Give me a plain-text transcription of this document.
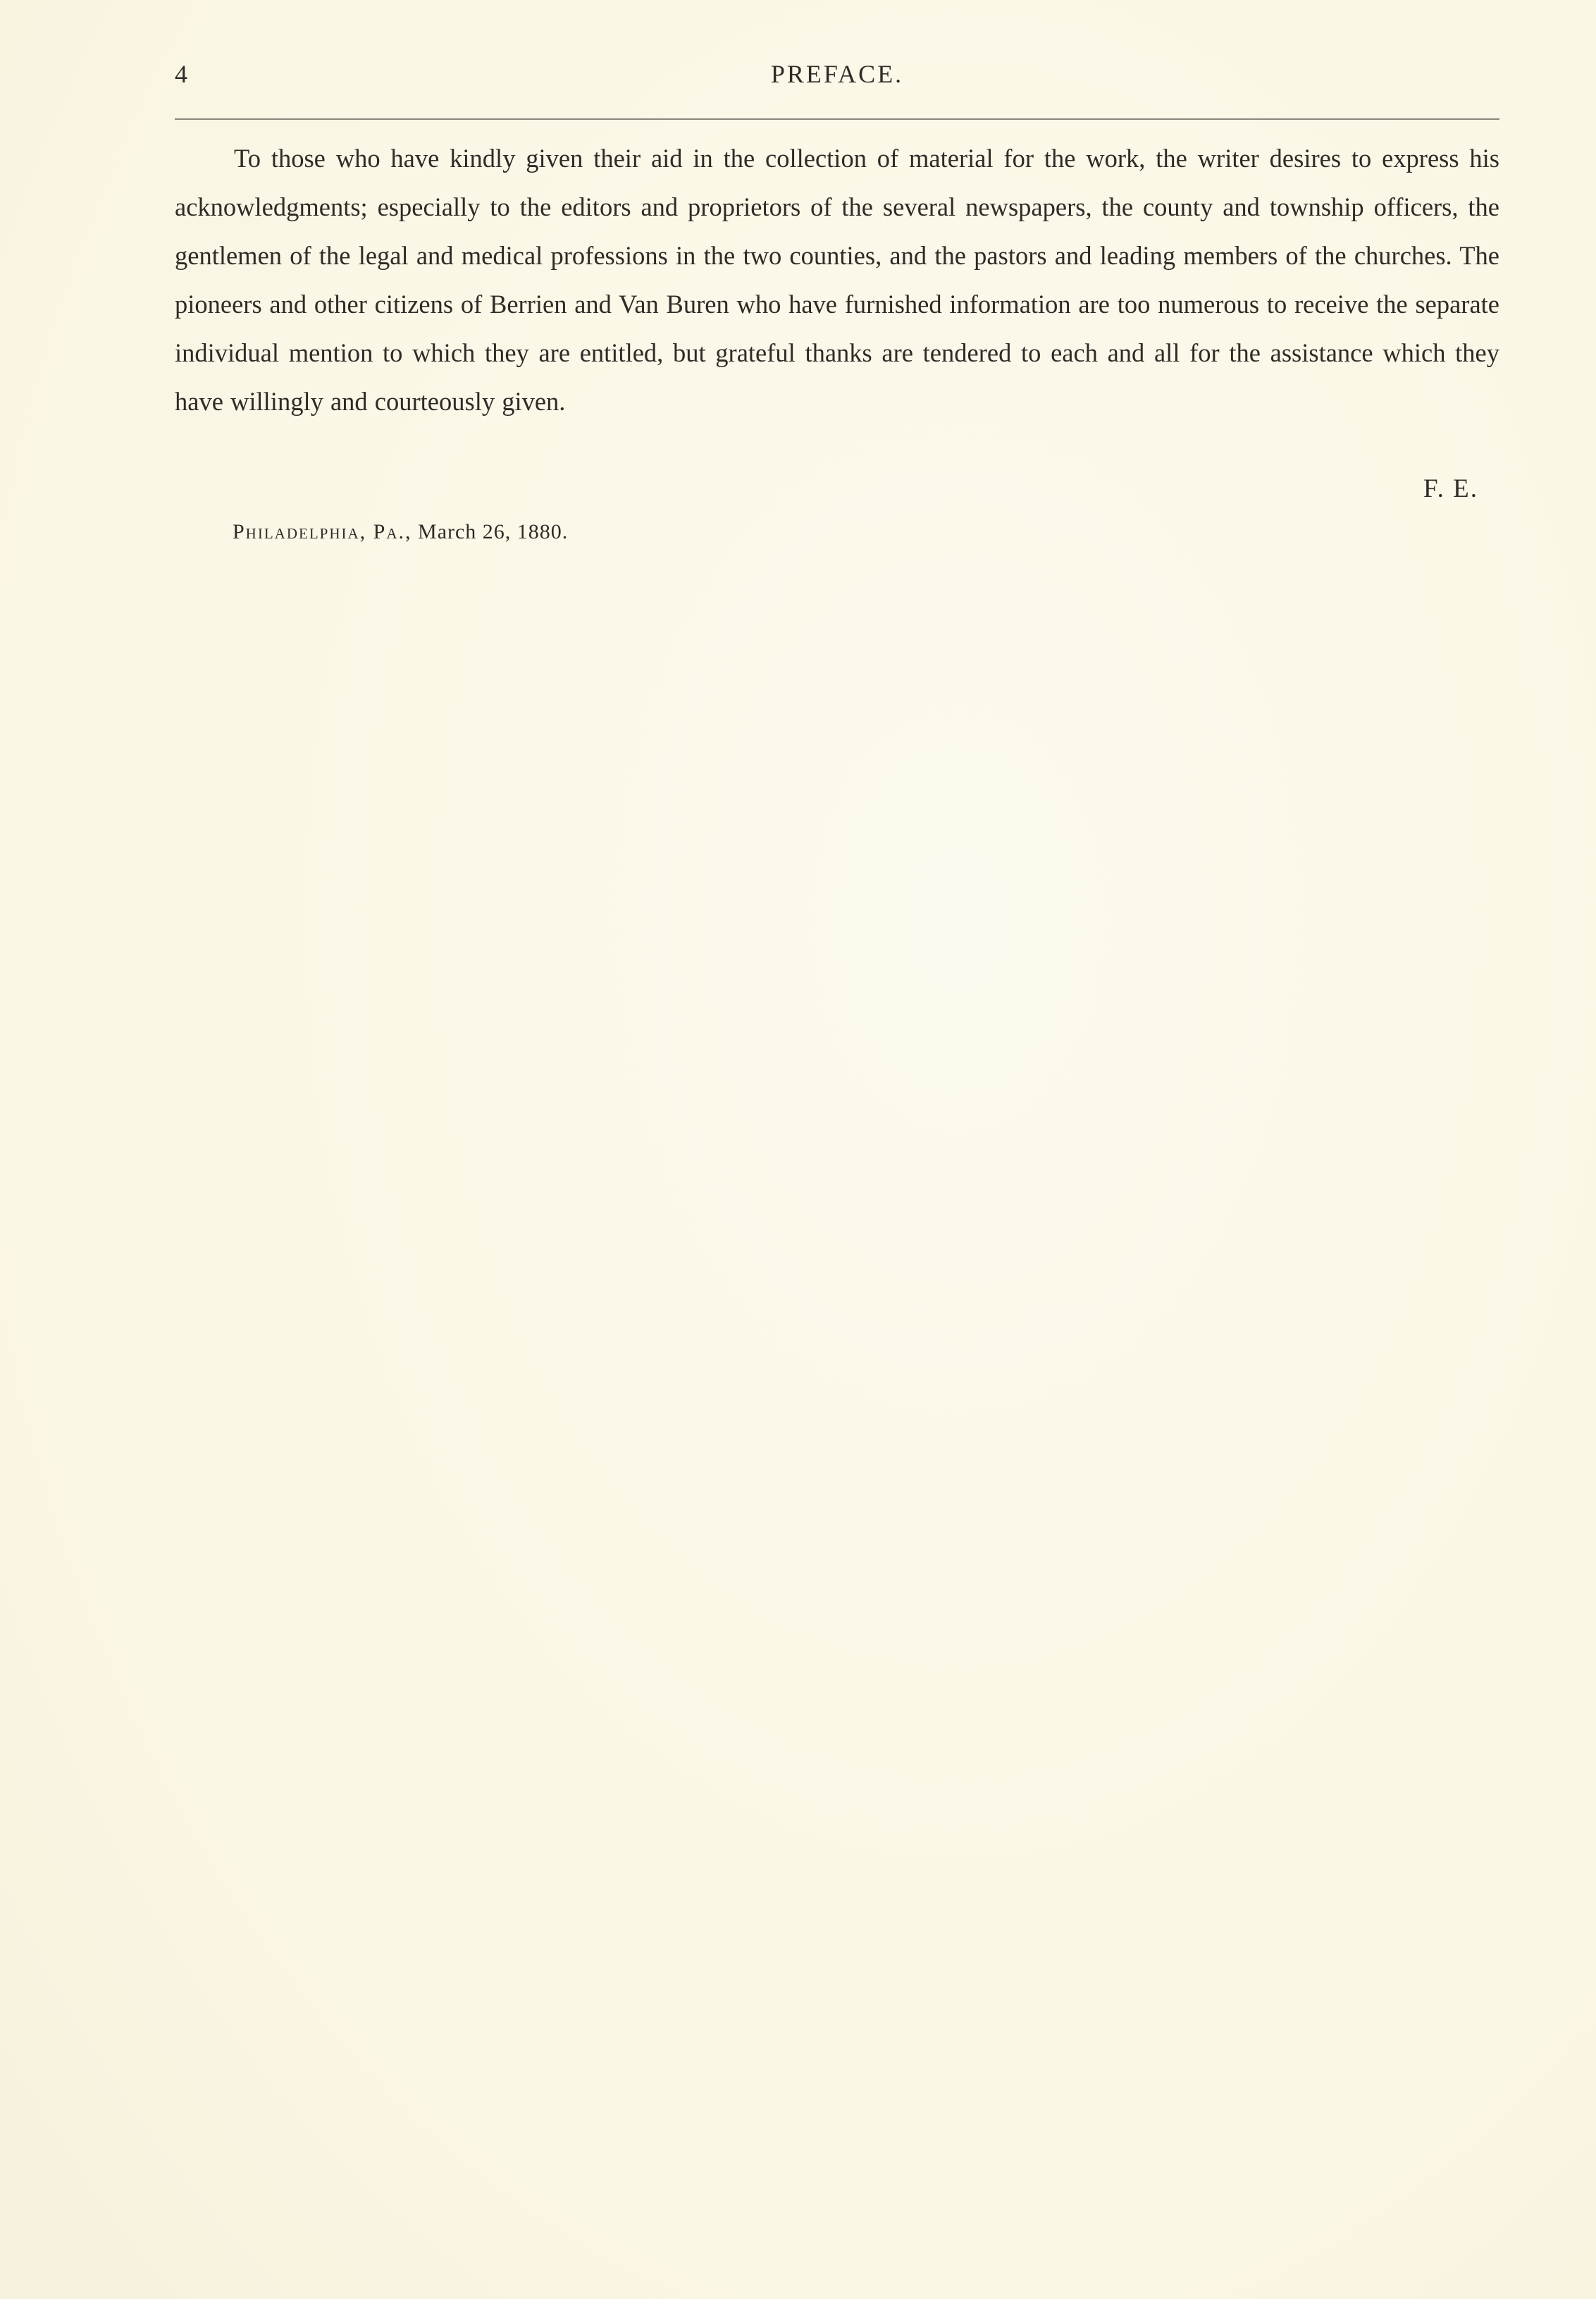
4	PREFACE.

To those who have kindly given their aid in the collection of material for the work, the writer desires to express his acknowledgments; especially to the editors and proprietors of the several newspapers, the county and township officers, the gentlemen of the legal and medical professions in the two counties, and the pastors and leading members of the churches. The pioneers and other citizens of Berrien and Van Buren who have furnished information are too numerous to receive the separate individual mention to which they are entitled, but grateful thanks are tendered to each and all for the assistance which they have willingly and courteously given.

F. E.
Philadelphia, Pa., March 26, 1880.
